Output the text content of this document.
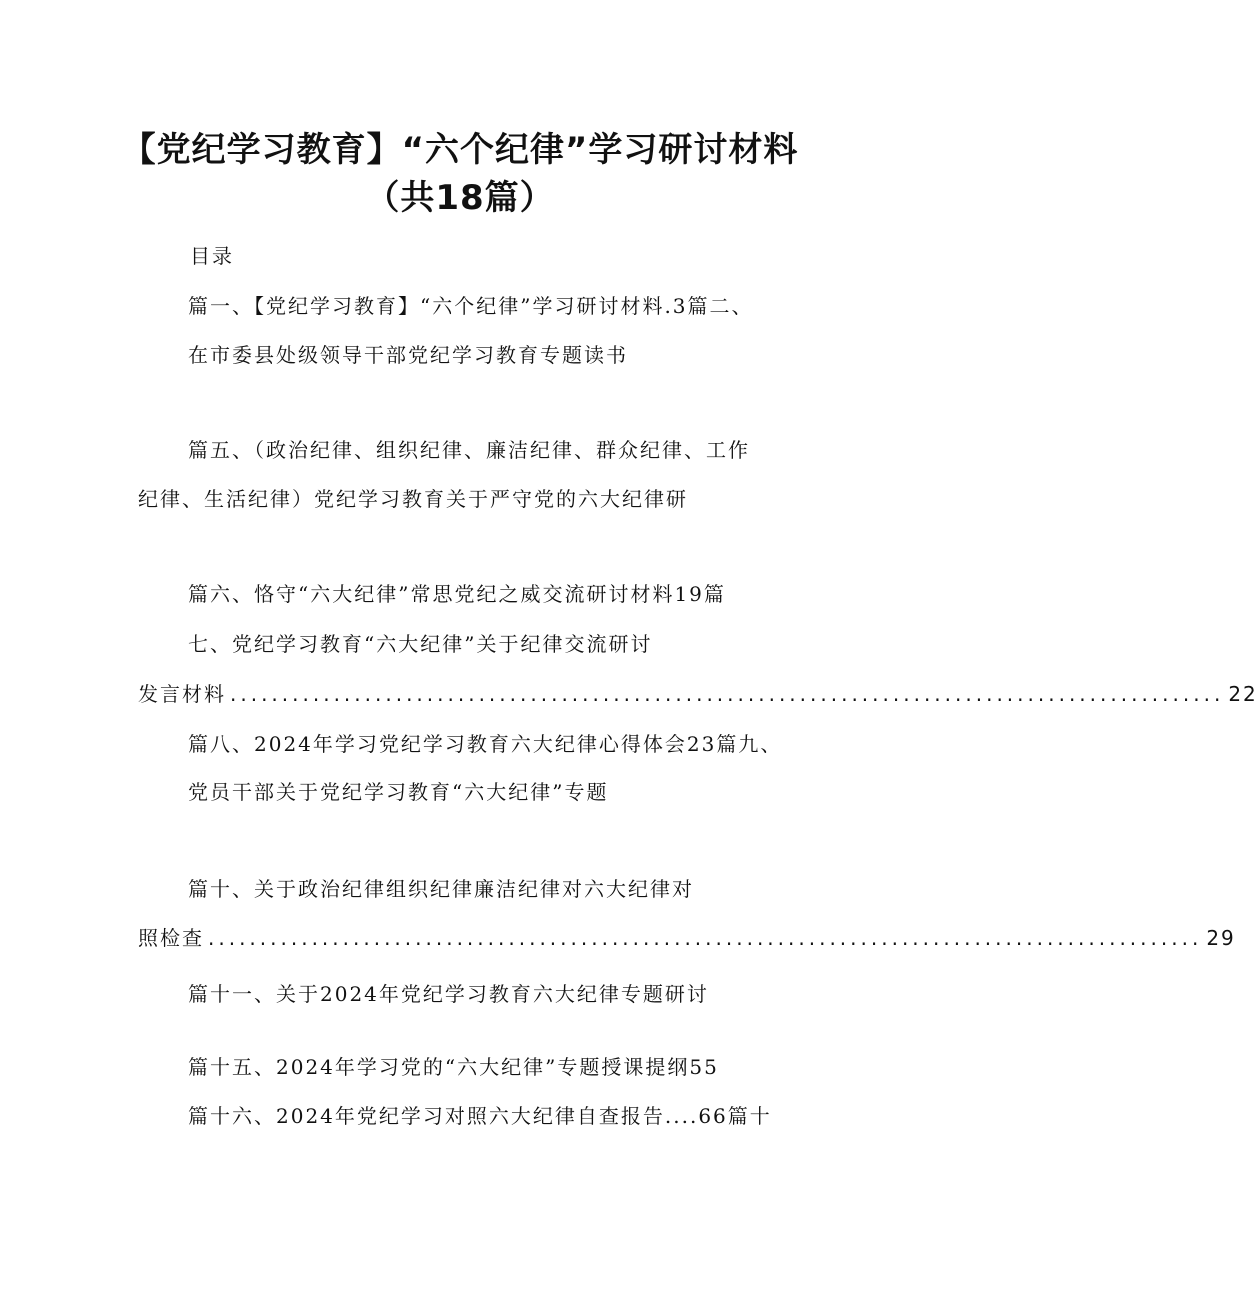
【党纪学习教育】“六个纪律”学习研讨材料
（共18篇）
目录
篇一、【党纪学习教育】“六个纪律”学习研讨材料.3篇二、
在市委县处级领导干部党纪学习教育专题读书
篇五、（政治纪律、组织纪律、廉洁纪律、群众纪律、工作
纪律、生活纪律）党纪学习教育关于严守党的六大纪律研
篇六、恪守“六大纪律”常思党纪之威交流研讨材料19篇
七、党纪学习教育“六大纪律”关于纪律交流研讨
发言材料 ................................................................................................ 22
篇八、2024年学习党纪学习教育六大纪律心得体会23篇九、
党员干部关于党纪学习教育“六大纪律”专题
篇十、关于政治纪律组织纪律廉洁纪律对六大纪律对
照检查 ................................................................................................ 29
篇十一、关于2024年党纪学习教育六大纪律专题研讨
篇十五、2024年学习党的“六大纪律”专题授课提纲55
篇十六、2024年党纪学习对照六大纪律自查报告....66篇十
